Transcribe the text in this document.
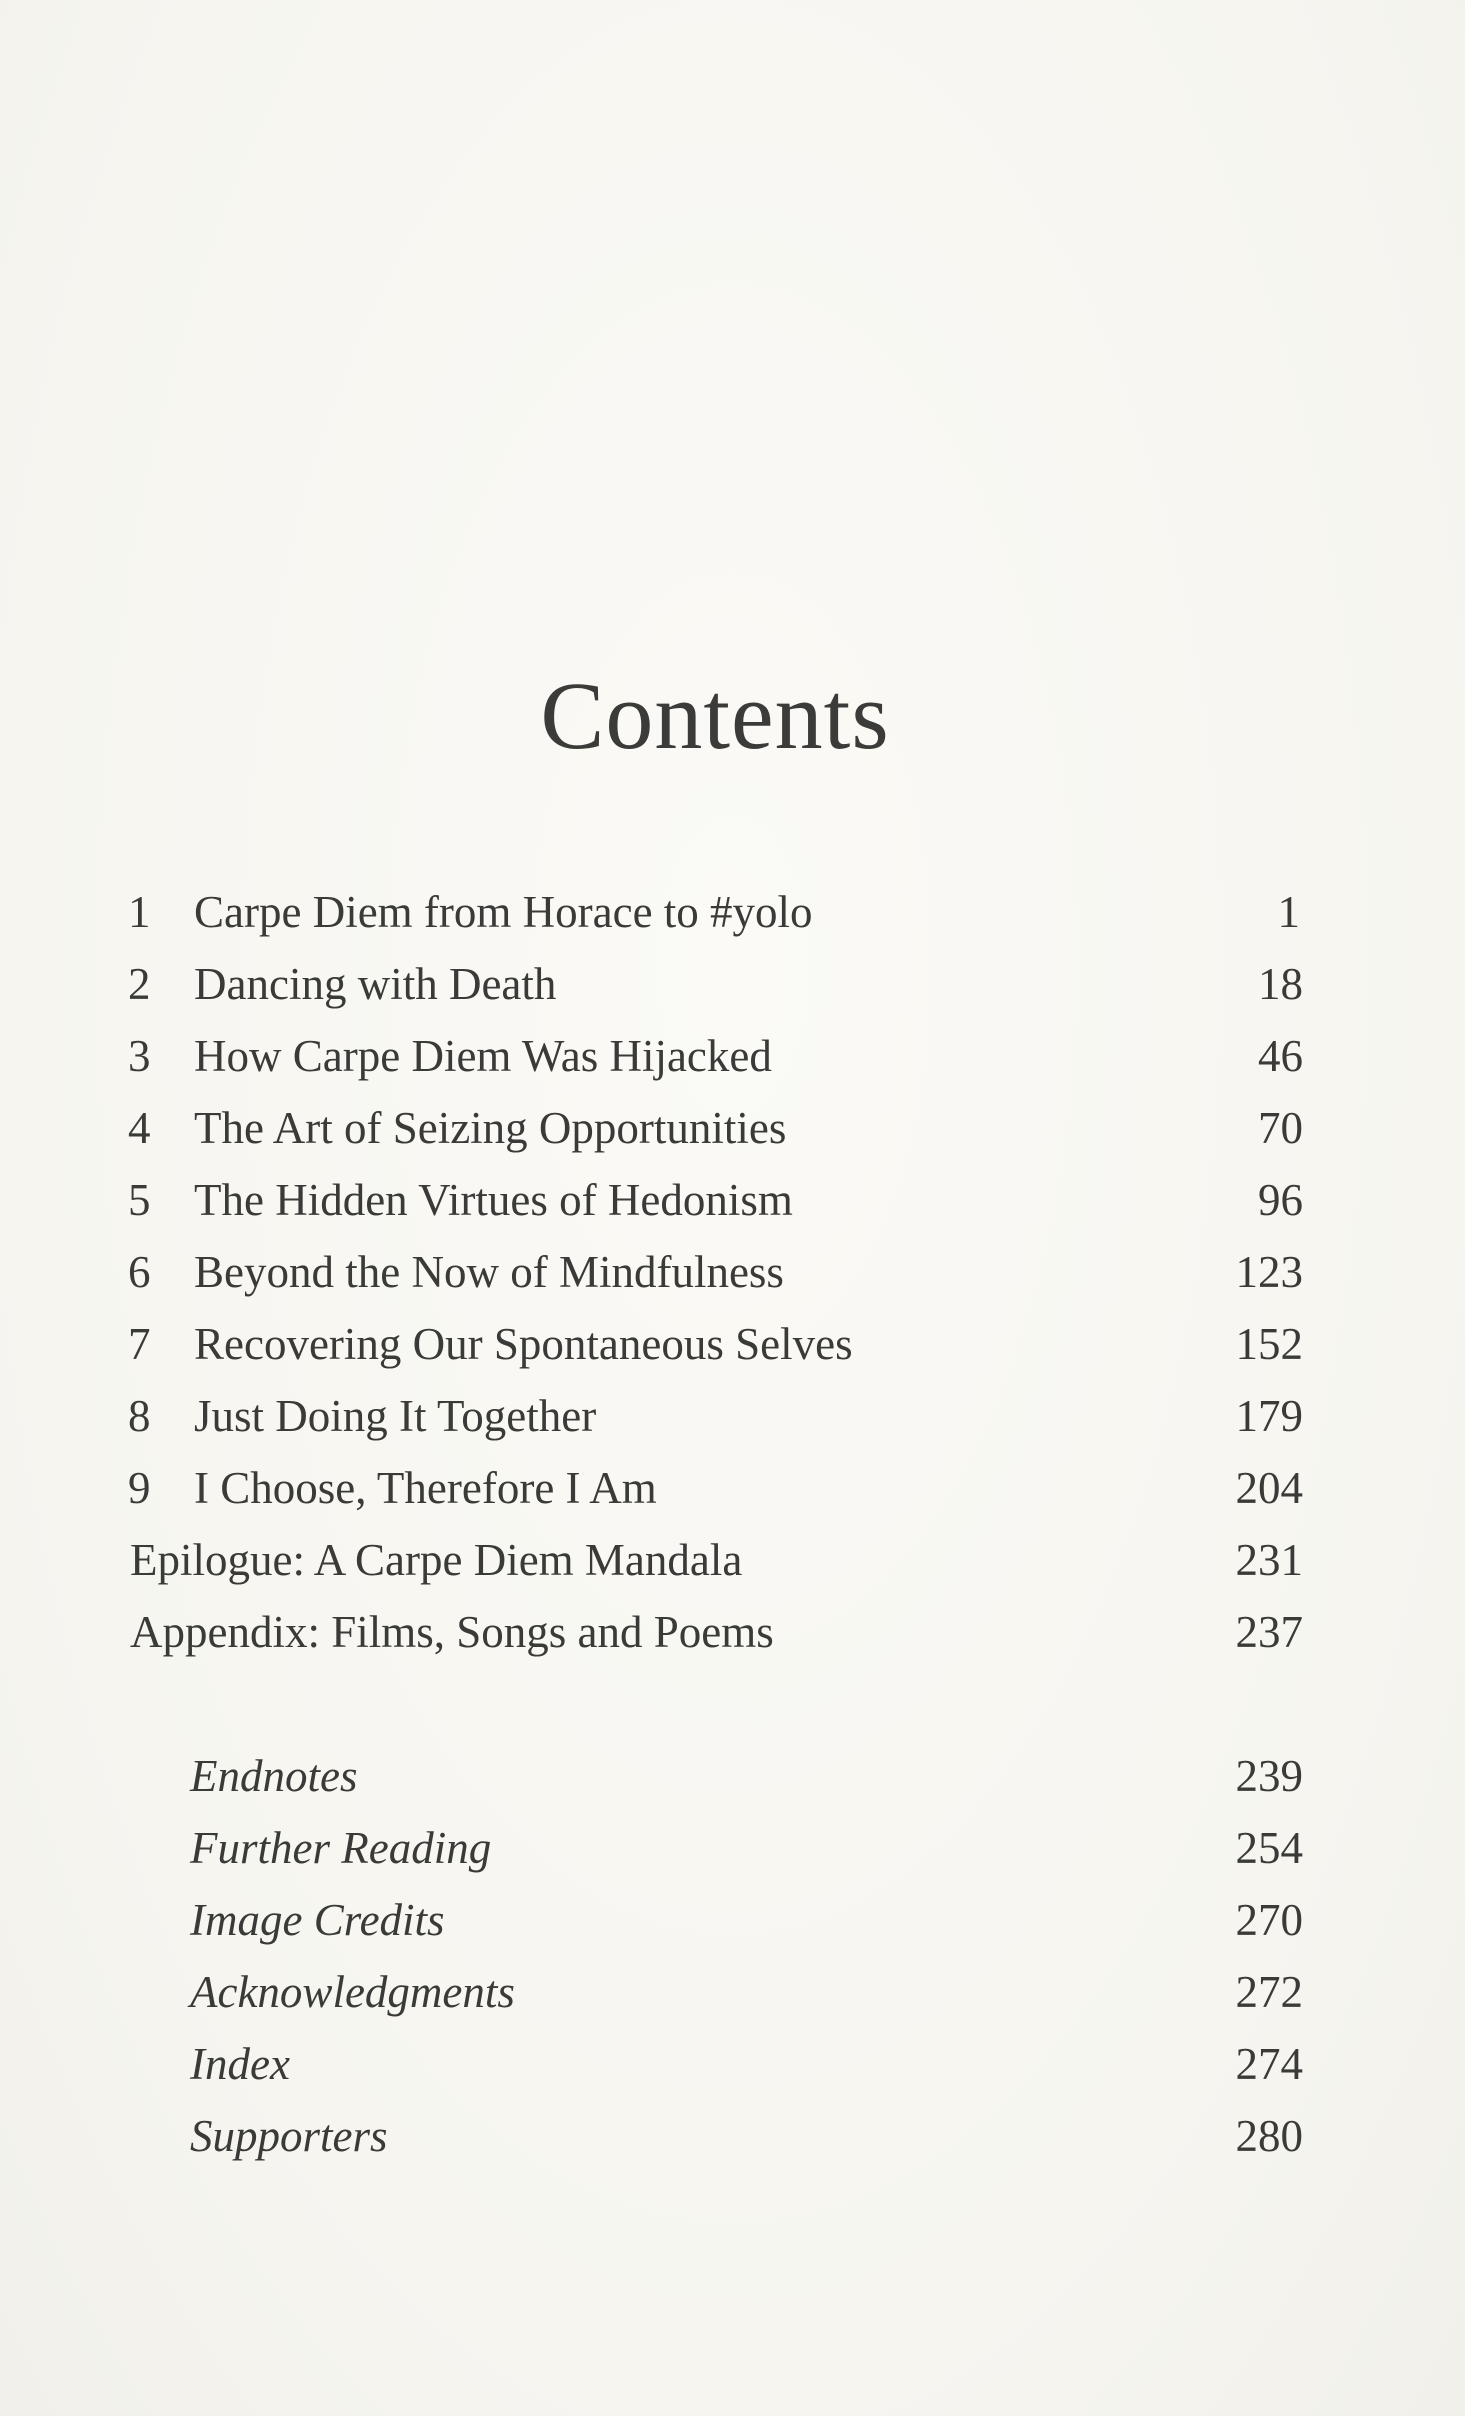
Contents
1 Carpe Diem from Horace to #yolo	1
2 Dancing with Death	18
3 How Carpe Diem Was Hijacked	46
4 The Art of Seizing Opportunities	70
5 The Hidden Virtues of Hedonism	96
6 Beyond the Now of Mindfulness	123
7 Recovering Our Spontaneous Selves	152
8 Just Doing It Together	179
9 I Choose, Therefore I Am	204
Epilogue: A Carpe Diem Mandala	231
Appendix: Films, Songs and Poems	237
Endnotes	239
Further Reading	254
Image Credits	270
Acknowledgments	272
Index	274
Supporters	280
